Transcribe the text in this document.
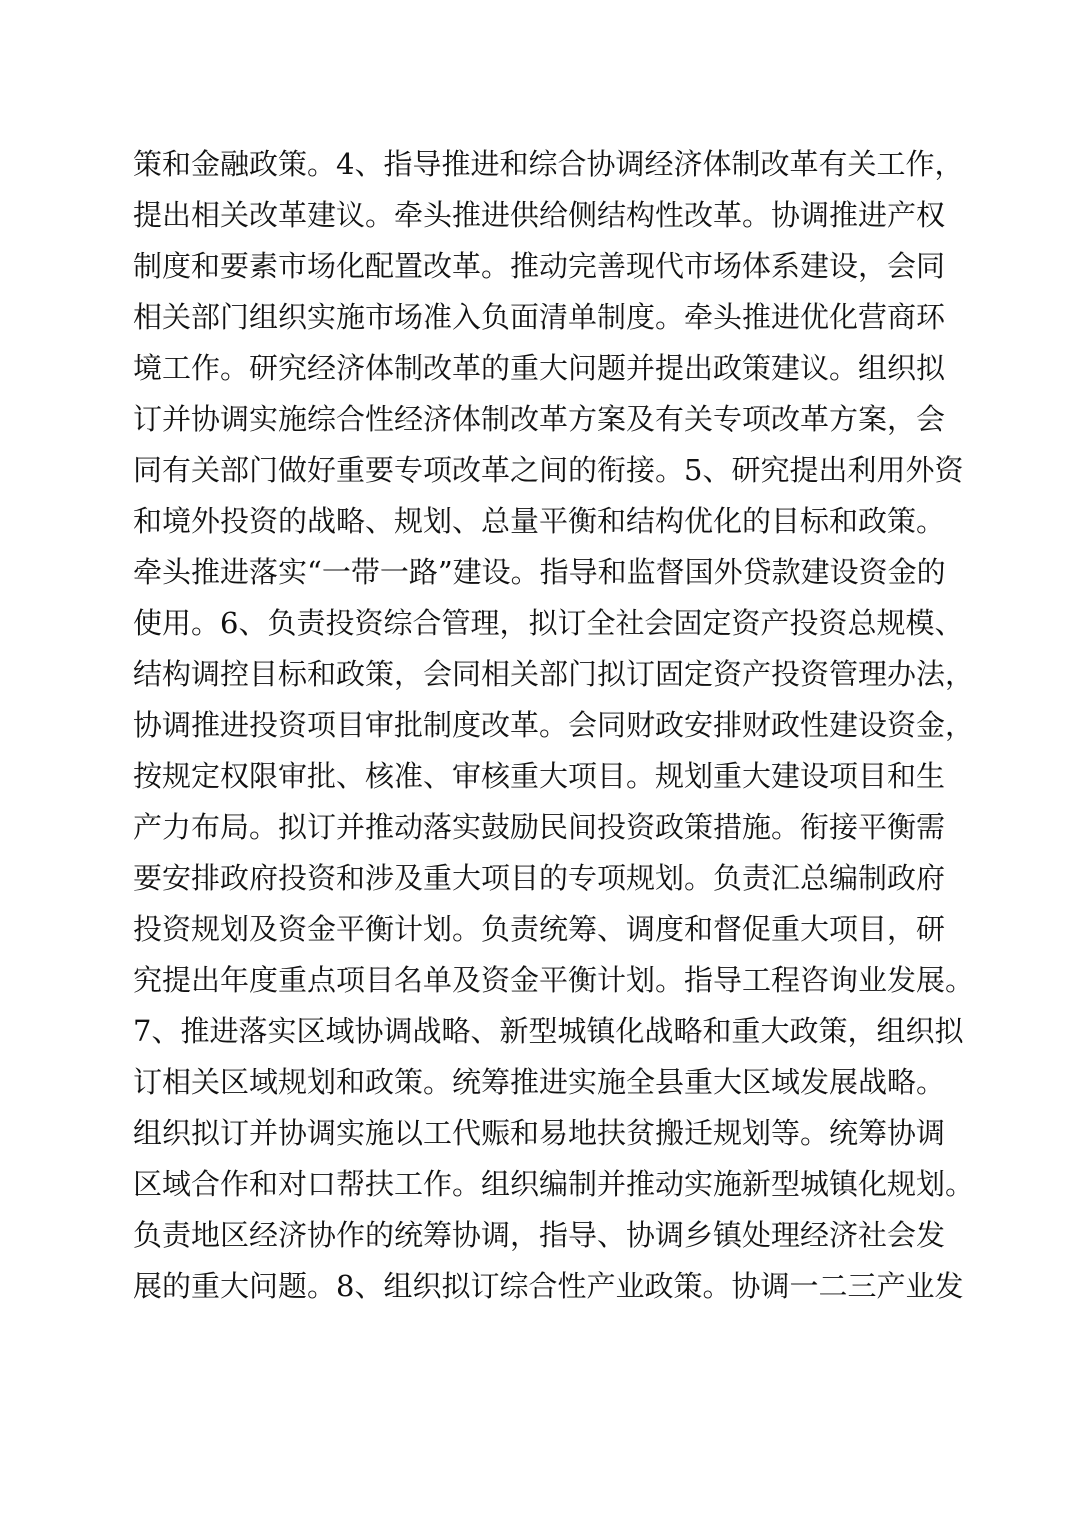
策和金融政策。4、指导推进和综合协调经济体制改革有关工作，
提出相关改革建议。牵头推进供给侧结构性改革。协调推进产权
制度和要素市场化配置改革。推动完善现代市场体系建设，会同
相关部门组织实施市场准入负面清单制度。牵头推进优化营商环
境工作。研究经济体制改革的重大问题并提出政策建议。组织拟
订并协调实施综合性经济体制改革方案及有关专项改革方案，会
同有关部门做好重要专项改革之间的衔接。5、研究提出利用外资
和境外投资的战略、规划、总量平衡和结构优化的目标和政策。
牵头推进落实“一带一路”建设。指导和监督国外贷款建设资金的
使用。6、负责投资综合管理，拟订全社会固定资产投资总规模、
结构调控目标和政策，会同相关部门拟订固定资产投资管理办法，
协调推进投资项目审批制度改革。会同财政安排财政性建设资金，
按规定权限审批、核准、审核重大项目。规划重大建设项目和生
产力布局。拟订并推动落实鼓励民间投资政策措施。衔接平衡需
要安排政府投资和涉及重大项目的专项规划。负责汇总编制政府
投资规划及资金平衡计划。负责统筹、调度和督促重大项目，研
究提出年度重点项目名单及资金平衡计划。指导工程咨询业发展。
7、推进落实区域协调战略、新型城镇化战略和重大政策，组织拟
订相关区域规划和政策。统筹推进实施全县重大区域发展战略。
组织拟订并协调实施以工代赈和易地扶贫搬迁规划等。统筹协调
区域合作和对口帮扶工作。组织编制并推动实施新型城镇化规划。
负责地区经济协作的统筹协调，指导、协调乡镇处理经济社会发
展的重大问题。8、组织拟订综合性产业政策。协调一二三产业发
